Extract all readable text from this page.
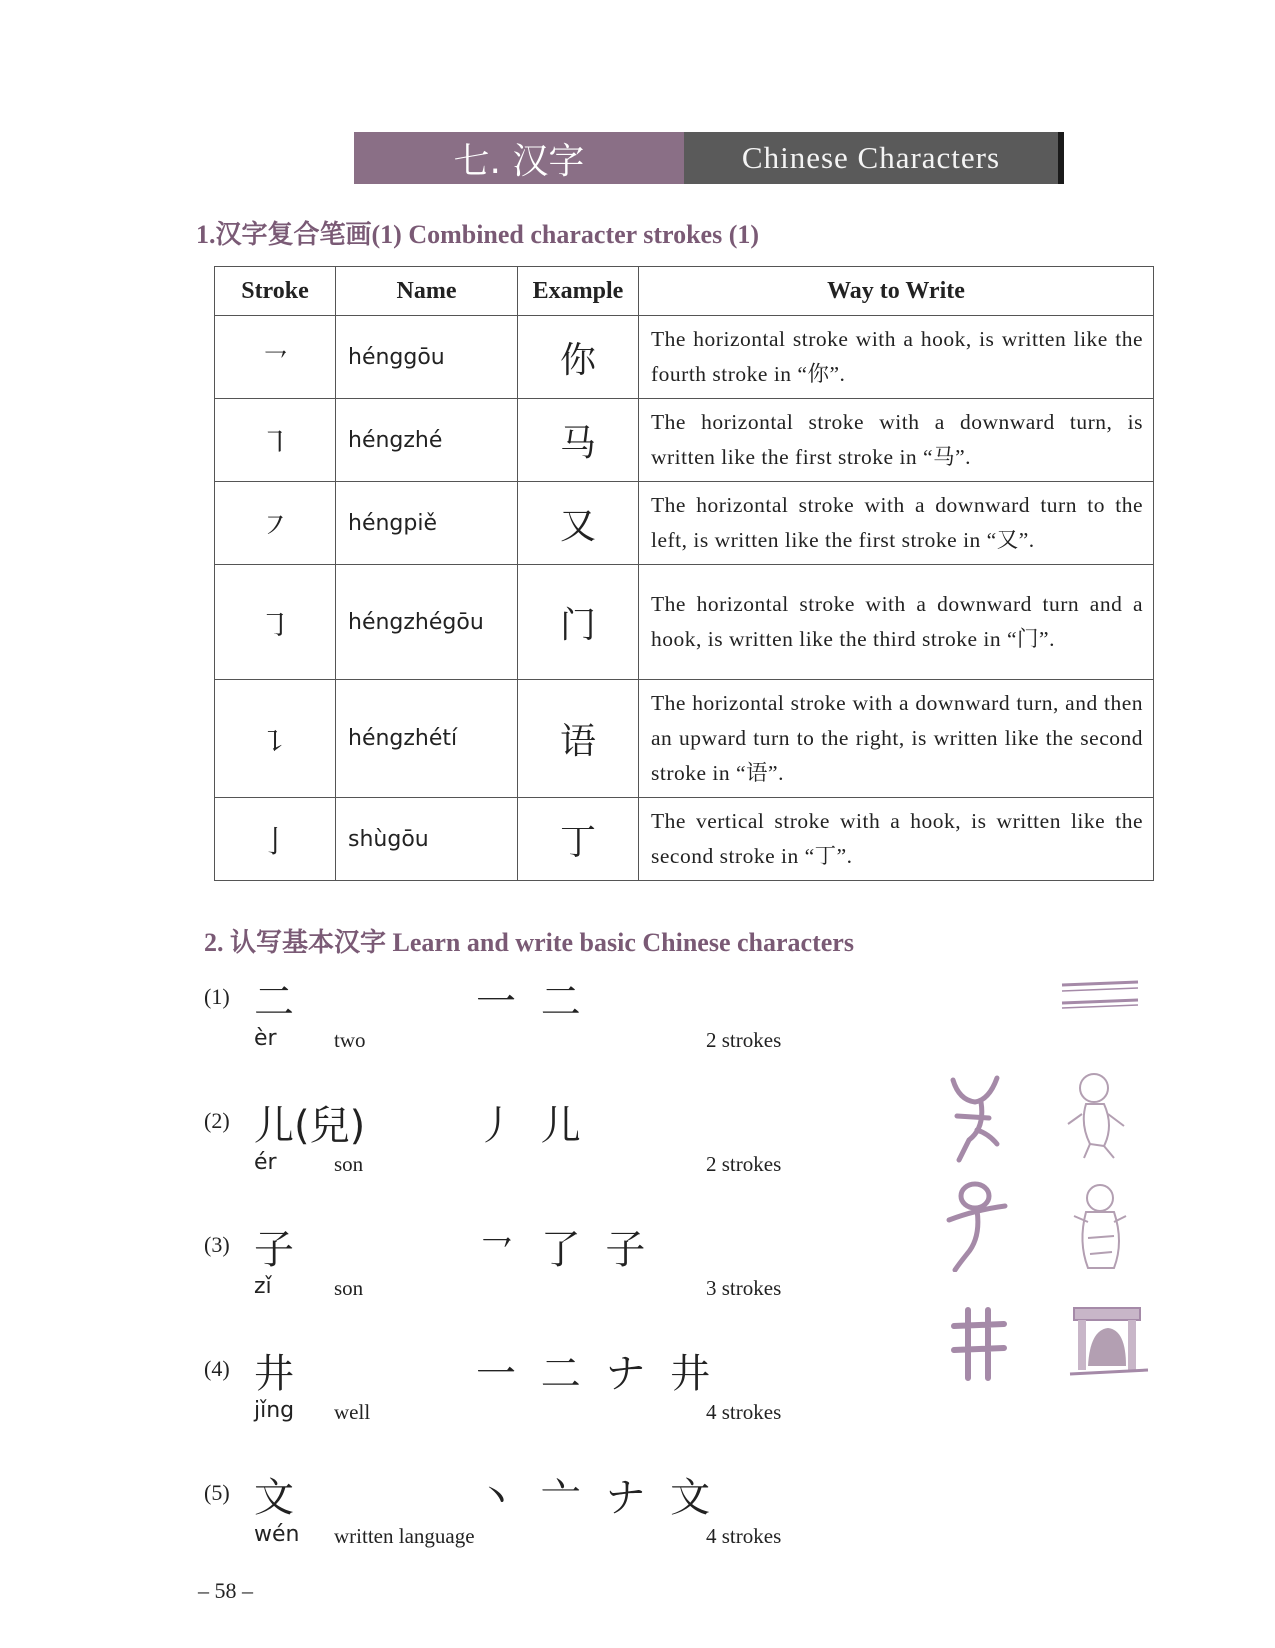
七. 汉字	Chinese Characters
1.汉字复合笔画(1) Combined character strokes (1)
Stroke	Name	Example	Way to Write
㇖	hénggōu	你	The horizontal stroke with a hook, is written like the fourth stroke in “你”.
㇕	héngzhé	马	The horizontal stroke with a downward turn, is written like the first stroke in “马”.
㇇	héngpiě	又	The horizontal stroke with a downward turn to the left, is written like the first stroke in “又”.
㇆	héngzhégōu	门	The horizontal stroke with a downward turn and a hook, is written like the third stroke in “门”.
㇊	héngzhétí	语	The horizontal stroke with a downward turn, and then an upward turn to the right, is written like the second stroke in “语”.
亅	shùgōu	丁	The vertical stroke with a hook, is written like the second stroke in “丁”.
2. 认写基本汉字 Learn and write basic Chinese characters
(1) 二	一 二
èr	two	2 strokes
(2) 儿(兒)	丿 儿
ér	son	2 strokes
(3) 子	㇖ 了 子
zǐ	son	3 strokes
(4) 井	一 二 ナ 井
jǐng well	4 strokes
(5) 文	丶 亠 ナ 文
wén written language	4 strokes
– 58 –
